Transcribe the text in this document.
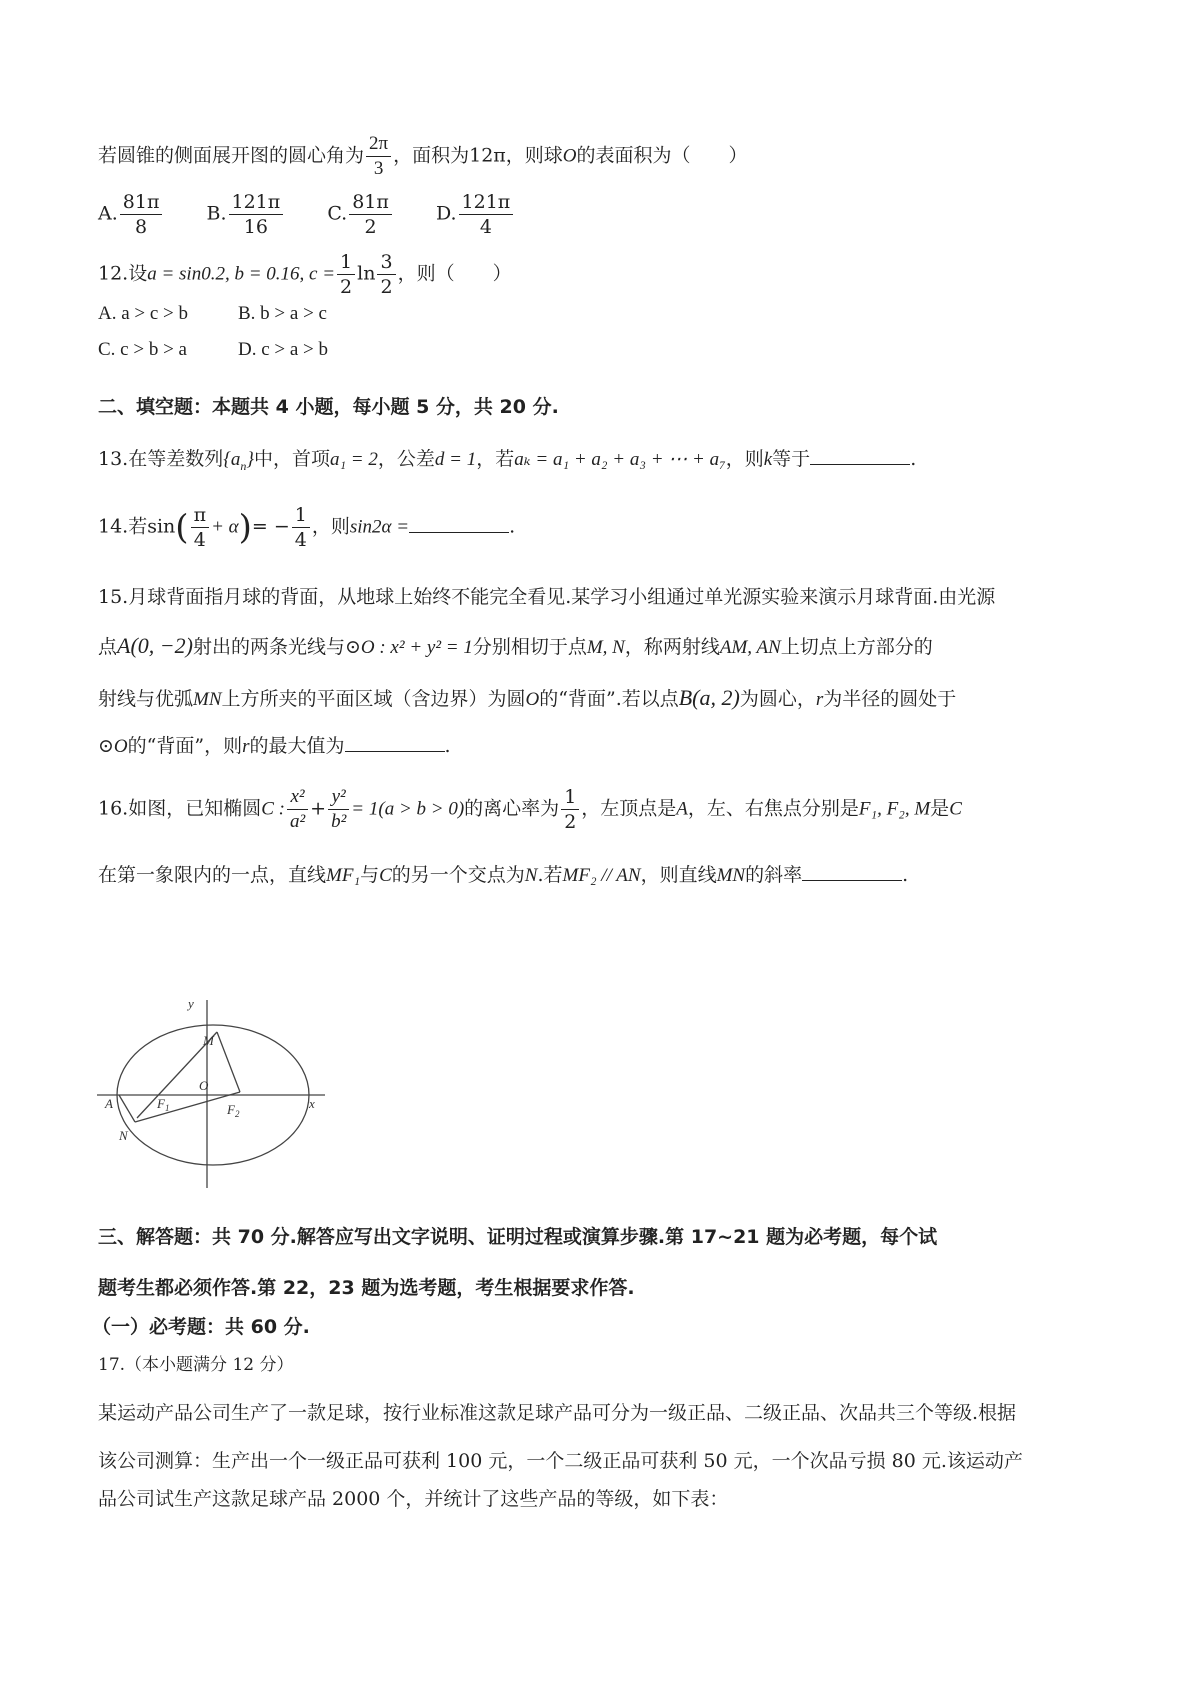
若圆锥的侧面展开图的圆心角为 $\frac{2\pi}{3}$ ，面积为12π，则球O的表面积为（　　）
A. $\frac{81\pi}{8} B$. $\frac{121\pi}{16} C$. $\frac{81\pi}{2} D$. $\frac{121\pi}{4}$
12.设a = sin0.2, b = 0.16, $c = \frac{1}{2}$ $\ln \frac{3}{2}$ ，则（　　）
A. a > c > b	B. b > a > c
C. c > b > a	D. c > a > b
二、填空题：本题共 4 小题，每小题 5 分，共 20 分.
13.在等差数列$\{a_n\}$中，首项a₁ = 2，公差d = 1，若aₖ = a₁ + a₂ + a₃ + ⋯ + a₇，则k等于	.
14.若$\sin( \frac{\pi}{4} + \alpha)= - \frac{1}{4}$ ，则sin2α =	.
15.月球背面指月球的背面，从地球上始终不能完全看见.某学习小组通过单光源实验来演示月球背面.由光源
点A(0, −2)射出的两条光线与⊙O : x² + y² = 1分别相切于点M, N，称两射线AM, AN上切点上方部分的
射线与优弧MN上方所夹的平面区域（含边界）为圆O的“背面”.若以点B(a, 2)为圆心，r为半径的圆处于
⊙O的“背面”，则r的最大值为	.
16.如图，已知椭圆C : $\frac{\text{x²}}{\text{a²}} + \frac{\text{y²}}{\text{b²}} = 1(a > b > 0)$的离心率为 $\frac{1}{2}$ ，左顶点是A，左、右焦点分别是F₁, F₂, M是C
在第一象限内的一点，直线MF₁与C的另一个交点为N.若MF₂ // AN，则直线MN的斜率	.
y
x
M
O
A	$F_1$	$F_2$
N
三、解答题：共 70 分.解答应写出文字说明、证明过程或演算步骤.第 17~21 题为必考题，每个试
题考生都必须作答.第 22，23 题为选考题，考生根据要求作答.
（一）必考题：共 60 分.
17.（本小题满分 12 分）
某运动产品公司生产了一款足球，按行业标准这款足球产品可分为一级正品、二级正品、次品共三个等级.根据
该公司测算：生产出一个一级正品可获利 100 元，一个二级正品可获利 50 元，一个次品亏损 80 元.该运动产
品公司试生产这款足球产品 2000 个，并统计了这些产品的等级，如下表：
